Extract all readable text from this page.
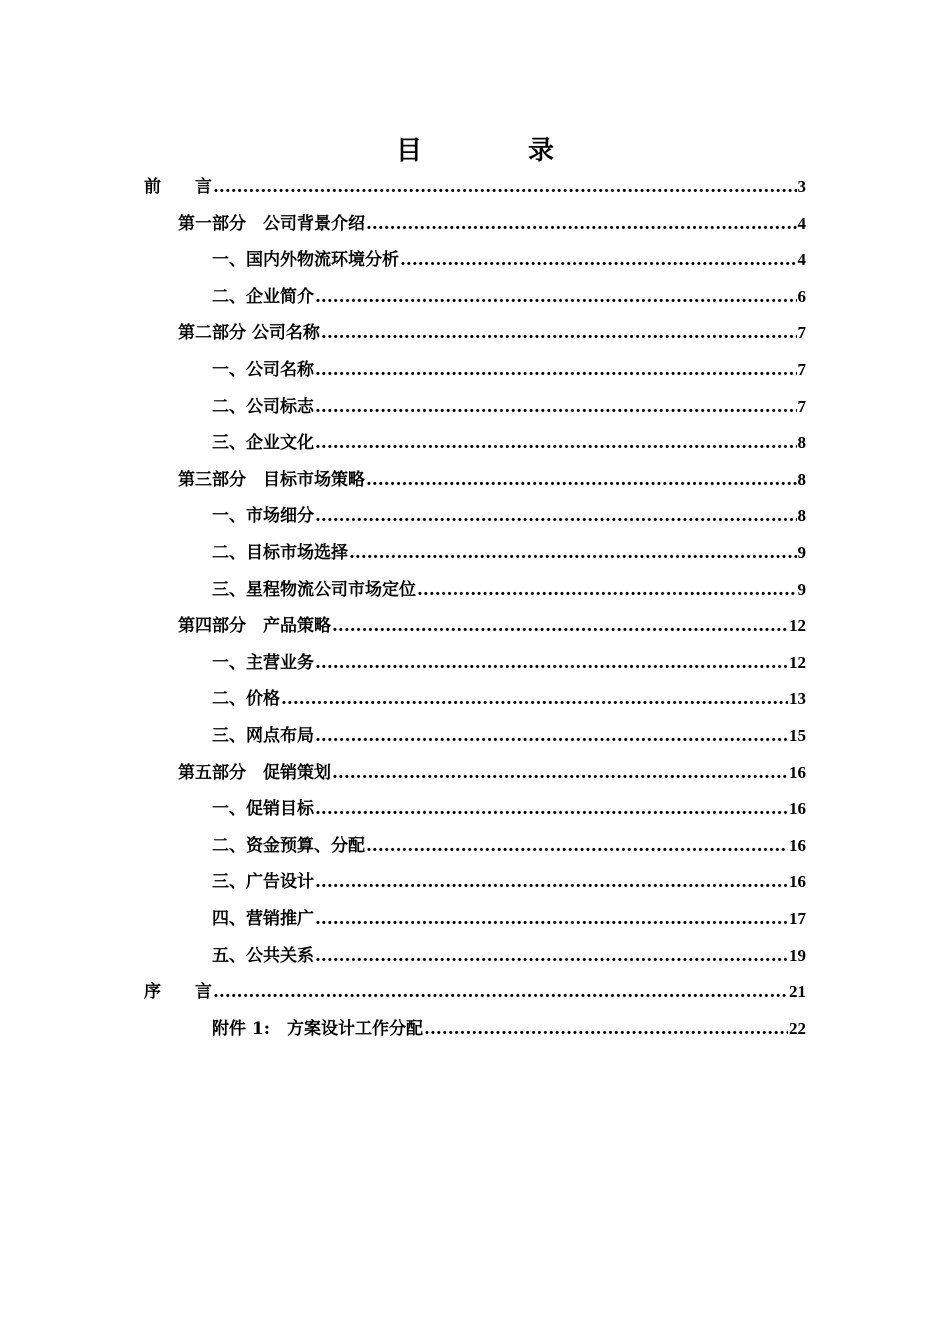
目　录
前　　言 .....	3
第一部分　公司背景介绍 .....	4
一、国内外物流环境分析 .....	4
二、企业简介 .....	6
第二部分 公司名称 .....	7
一、公司名称 .....	7
二、公司标志 .....	7
三、企业文化 .....	8
第三部分　目标市场策略 .....	8
一、市场细分 .....	8
二、目标市场选择 .....	9
三、星程物流公司市场定位 .....	9
第四部分　产品策略 .....	12
一、主营业务 .....	12
二、价格 .....	13
三、网点布局 .....	15
第五部分　促销策划 .....	16
一、促销目标 .....	16
二、资金预算、分配 .....	16
三、广告设计 .....	16
四、营销推广 .....	17
五、公共关系 .....	19
序　　言 .....	21
附件 1:　方案设计工作分配 .....	22
